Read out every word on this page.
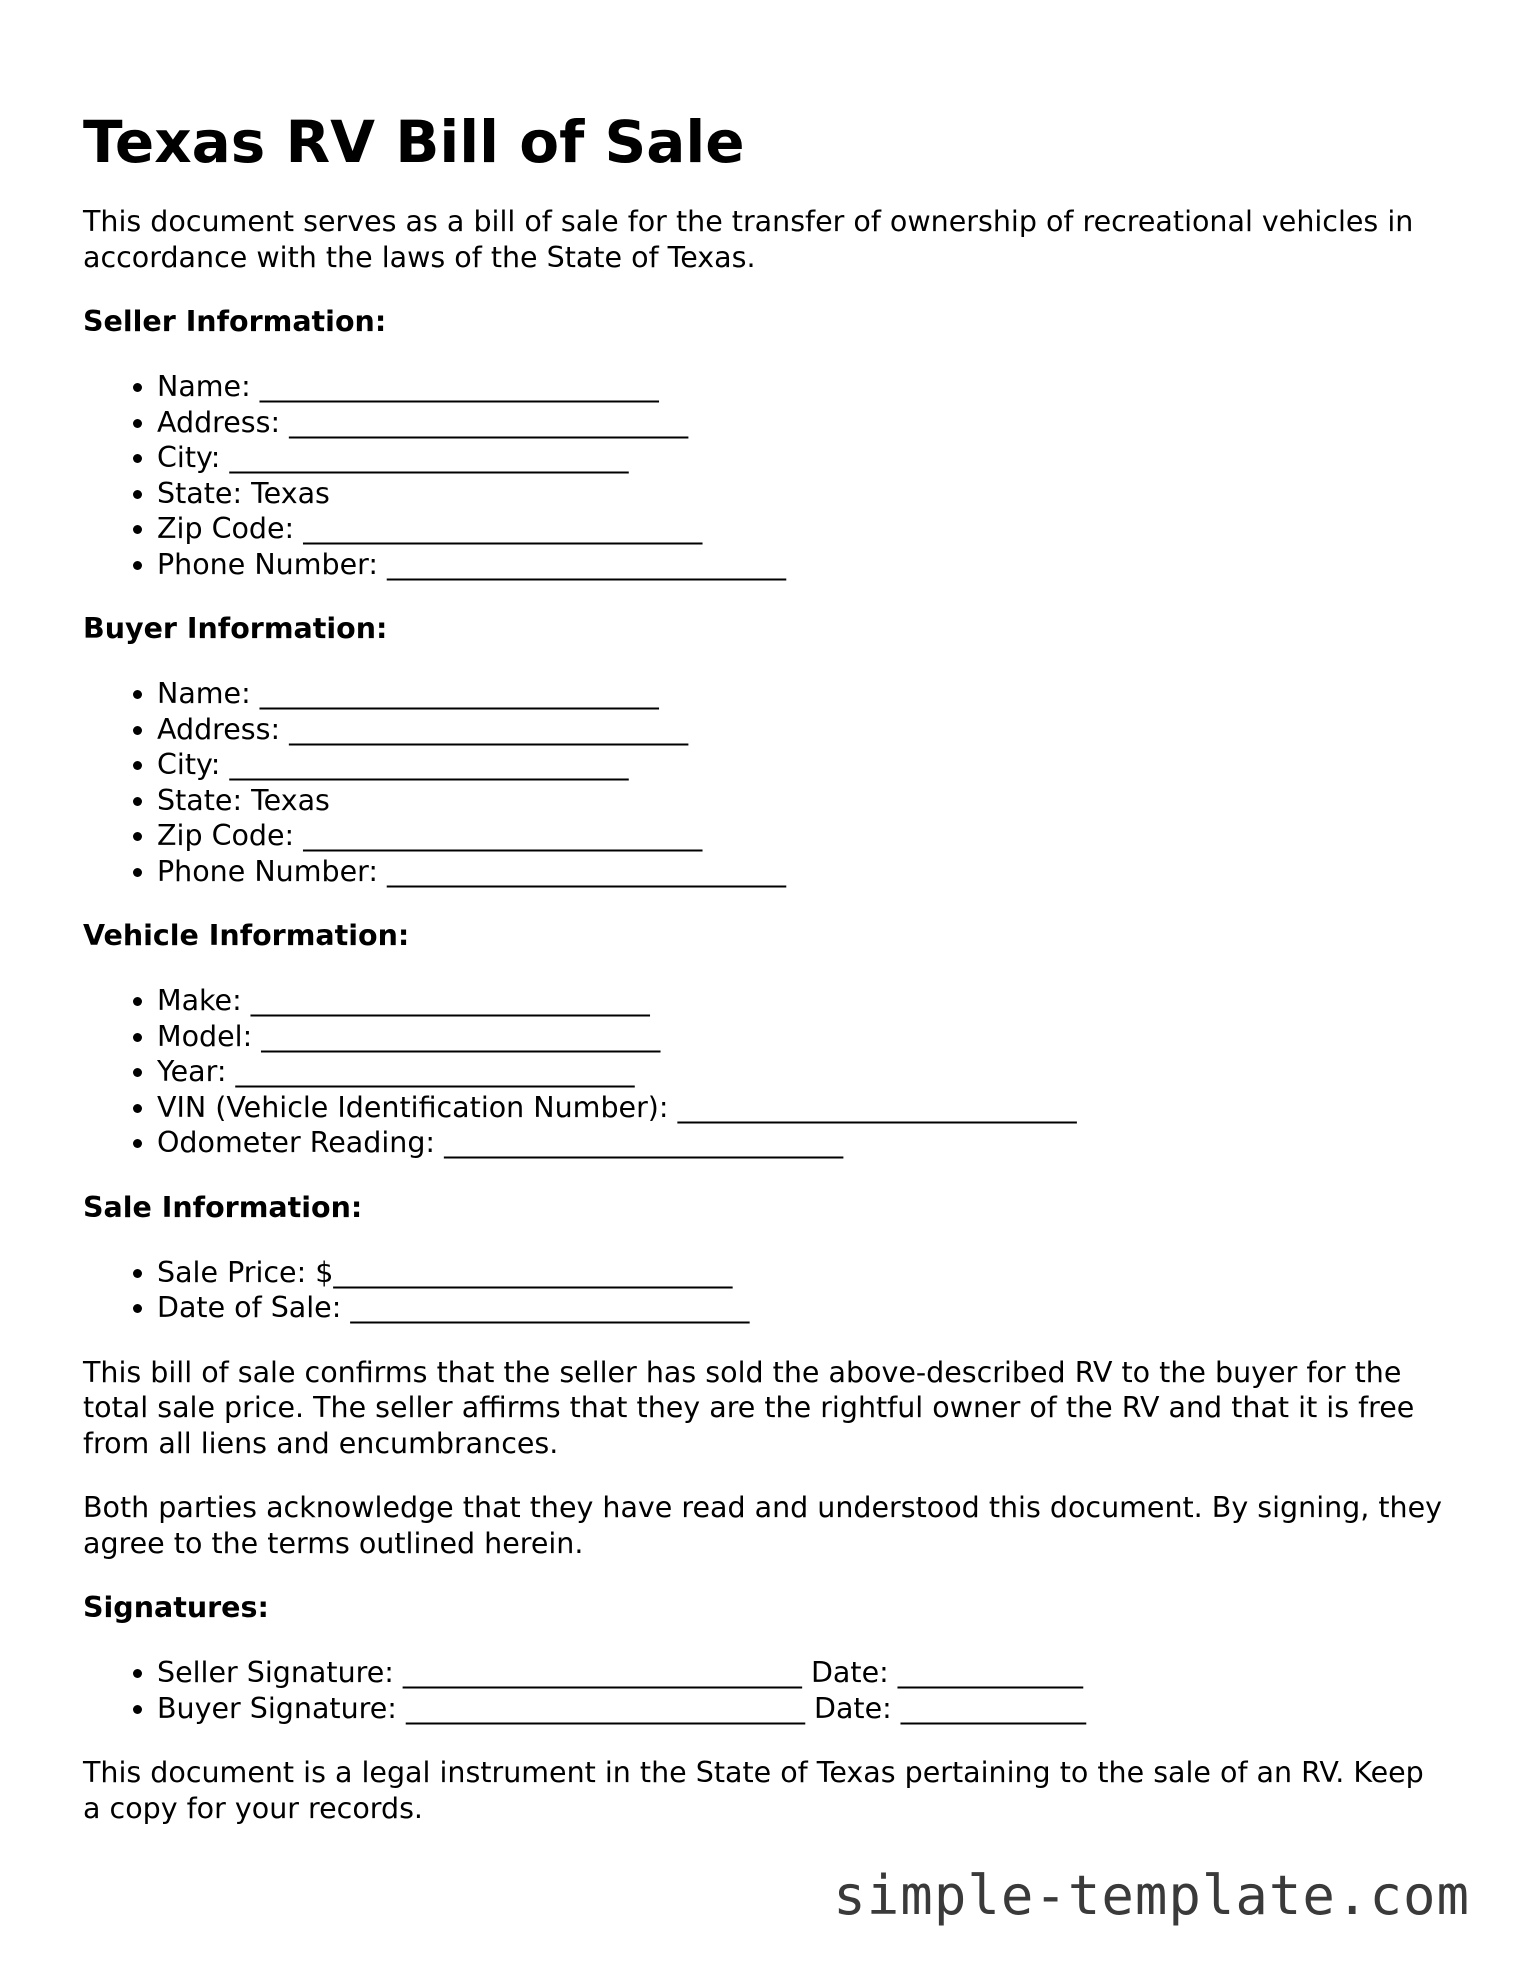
Texas RV Bill of Sale

This document serves as a bill of sale for the transfer of ownership of recreational vehicles in accordance with the laws of the State of Texas.

Seller Information:
• Name: ____________________________
• Address: ____________________________
• City: ____________________________
• State: Texas
• Zip Code: ____________________________
• Phone Number: ____________________________
Buyer Information:
• Name: ____________________________
• Address: ____________________________
• City: ____________________________
• State: Texas
• Zip Code: ____________________________
• Phone Number: ____________________________
Vehicle Information:
• Make: ____________________________
• Model: ____________________________
• Year: ____________________________
• VIN (Vehicle Identification Number): ____________________________
• Odometer Reading: ____________________________
Sale Information:
• Sale Price: $____________________________
• Date of Sale: ____________________________

This bill of sale confirms that the seller has sold the above-described RV to the buyer for the total sale price. The seller affirms that they are the rightful owner of the RV and that it is free from all liens and encumbrances.

Both parties acknowledge that they have read and understood this document. By signing, they agree to the terms outlined herein.

Signatures:
• Seller Signature: ____________________________ Date: _____________
• Buyer Signature: ____________________________ Date: _____________

This document is a legal instrument in the State of Texas pertaining to the sale of an RV. Keep a copy for your records.

simple-template.com
